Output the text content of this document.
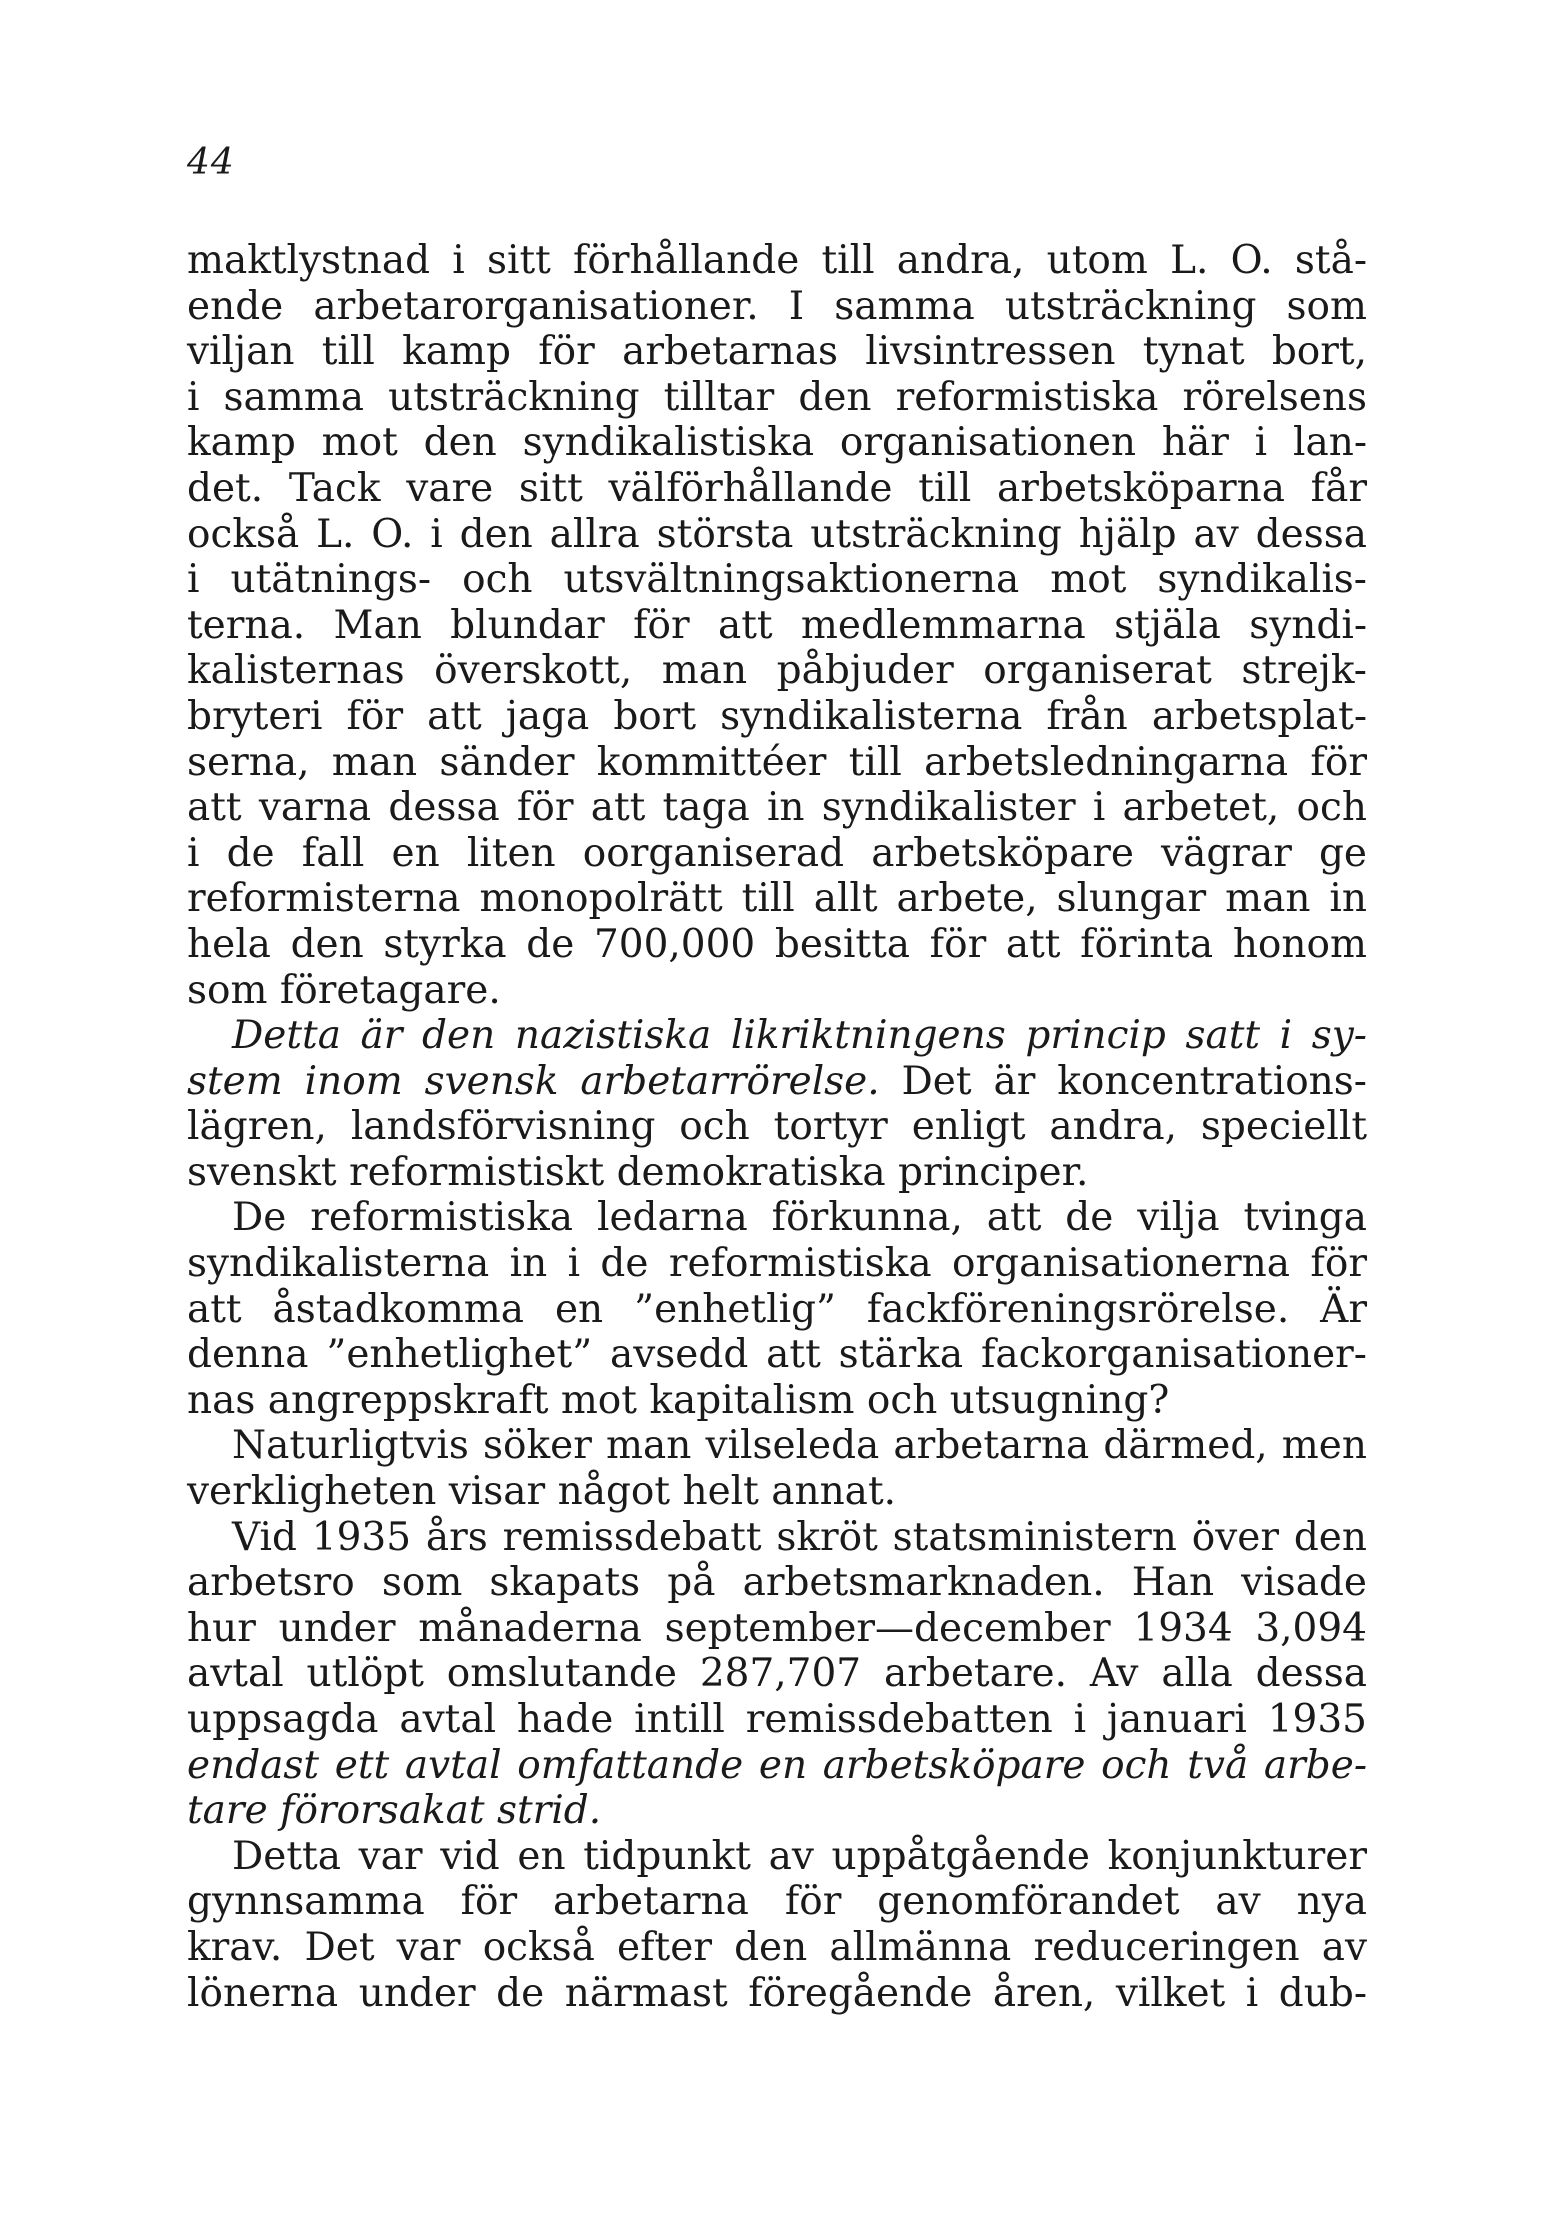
44
maktlystnad i sitt förhållande till andra, utom L. O. stå-
ende arbetarorganisationer. I samma utsträckning som
viljan till kamp för arbetarnas livsintressen tynat bort,
i samma utsträckning tilltar den reformistiska rörelsens
kamp mot den syndikalistiska organisationen här i lan-
det. Tack vare sitt välförhållande till arbetsköparna får
också L. O. i den allra största utsträckning hjälp av dessa
i utätnings- och utsvältningsaktionerna mot syndikalis-
terna. Man blundar för att medlemmarna stjäla syndi-
kalisternas överskott, man påbjuder organiserat strejk-
bryteri för att jaga bort syndikalisterna från arbetsplat-
serna, man sänder kommittéer till arbetsledningarna för
att varna dessa för att taga in syndikalister i arbetet, och
i de fall en liten oorganiserad arbetsköpare vägrar ge
reformisterna monopolrätt till allt arbete, slungar man in
hela den styrka de 700,000 besitta för att förinta honom
som företagare.
Detta är den nazistiska likriktningens princip satt i sy-
stem inom svensk arbetarrörelse. Det är koncentrations-
lägren, landsförvisning och tortyr enligt andra, speciellt
svenskt reformistiskt demokratiska principer.
De reformistiska ledarna förkunna, att de vilja tvinga
syndikalisterna in i de reformistiska organisationerna för
att åstadkomma en ”enhetlig” fackföreningsrörelse. Är
denna ”enhetlighet” avsedd att stärka fackorganisationer-
nas angreppskraft mot kapitalism och utsugning?
Naturligtvis söker man vilseleda arbetarna därmed, men
verkligheten visar något helt annat.
Vid 1935 års remissdebatt skröt statsministern över den
arbetsro som skapats på arbetsmarknaden. Han visade
hur under månaderna september—december 1934 3,094
avtal utlöpt omslutande 287,707 arbetare. Av alla dessa
uppsagda avtal hade intill remissdebatten i januari 1935
endast ett avtal omfattande en arbetsköpare och två arbe-
tare förorsakat strid.
Detta var vid en tidpunkt av uppåtgående konjunkturer
gynnsamma för arbetarna för genomförandet av nya
krav. Det var också efter den allmänna reduceringen av
lönerna under de närmast föregående åren, vilket i dub-
